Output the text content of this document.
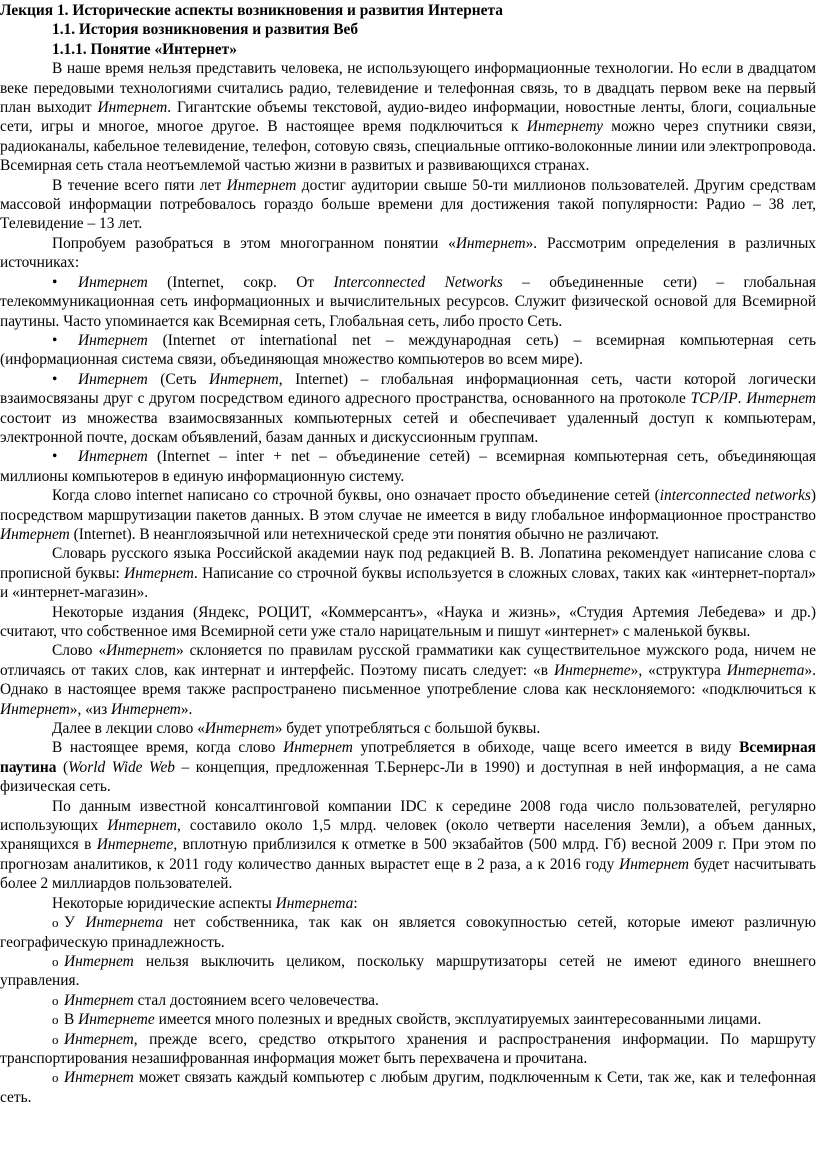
Лекция 1. Исторические аспекты возникновения и развития Интернета
1.1. История возникновения и развития Веб
1.1.1. Понятие «Интернет»

В наше время нельзя представить человека, не использующего информационные технологии. Но если в двадцатом веке передовыми технологиями считались радио, телевидение и телефонная связь, то в двадцать первом веке на первый план выходит Интернет. Гигантские объемы текстовой, аудио-видео информации, новостные ленты, блоги, социальные сети, игры и многое, многое другое. В настоящее время подключиться к Интернету можно через спутники связи, радиоканалы, кабельное телевидение, телефон, сотовую связь, специальные оптико-волоконные линии или электропровода. Всемирная сеть стала неотъемлемой частью жизни в развитых и развивающихся странах.

В течение всего пяти лет Интернет достиг аудитории свыше 50-ти миллионов пользователей. Другим средствам массовой информации потребовалось гораздо больше времени для достижения такой популярности: Радио – 38 лет, Телевидение – 13 лет.

Попробуем разобраться в этом многогранном понятии «Интернет». Рассмотрим определения в различных источниках:

• Интернет (Internet, сокр. От Interconnected Networks – объединенные сети) – глобальная телекоммуникационная сеть информационных и вычислительных ресурсов. Служит физической основой для Всемирной паутины. Часто упоминается как Всемирная сеть, Глобальная сеть, либо просто Сеть.
• Интернет (Internet от international net – международная сеть) – всемирная компьютерная сеть (информационная система связи, объединяющая множество компьютеров во всем мире).
• Интернет (Сеть Интернет, Internet) – глобальная информационная сеть, части которой логически взаимосвязаны друг с другом посредством единого адресного пространства, основанного на протоколе TCP/IP. Интернет состоит из множества взаимосвязанных компьютерных сетей и обеспечивает удаленный доступ к компьютерам, электронной почте, доскам объявлений, базам данных и дискуссионным группам.
• Интернет (Internet – inter + net – объединение сетей) – всемирная компьютерная сеть, объединяющая миллионы компьютеров в единую информационную систему.

Когда слово internet написано со строчной буквы, оно означает просто объединение сетей (interconnected networks) посредством маршрутизации пакетов данных. В этом случае не имеется в виду глобальное информационное пространство Интернет (Internet). В неанглоязычной или нетехнической среде эти понятия обычно не различают.

Словарь русского языка Российской академии наук под редакцией В. В. Лопатина рекомендует написание слова с прописной буквы: Интернет. Написание со строчной буквы используется в сложных словах, таких как «интернет-портал» и «интернет-магазин».

Некоторые издания (Яндекс, РОЦИТ, «Коммерсантъ», «Наука и жизнь», «Студия Артемия Лебедева» и др.) считают, что собственное имя Всемирной сети уже стало нарицательным и пишут «интернет» с маленькой буквы.

Слово «Интернет» склоняется по правилам русской грамматики как существительное мужского рода, ничем не отличаясь от таких слов, как интернат и интерфейс. Поэтому писать следует: «в Интернете», «структура Интернета». Однако в настоящее время также распространено письменное употребление слова как несклоняемого: «подключиться к Интернет», «из Интернет».

Далее в лекции слово «Интернет» будет употребляться с большой буквы.

В настоящее время, когда слово Интернет употребляется в обиходе, чаще всего имеется в виду Всемирная паутина (World Wide Web – концепция, предложенная Т.Бернерс-Ли в 1990) и доступная в ней информация, а не сама физическая сеть.

По данным известной консалтинговой компании IDC к середине 2008 года число пользователей, регулярно использующих Интернет, составило около 1,5 млрд. человек (около четверти населения Земли), а объем данных, хранящихся в Интернете, вплотную приблизился к отметке в 500 экзабайтов (500 млрд. Гб) весной 2009 г. При этом по прогнозам аналитиков, к 2011 году количество данных вырастет еще в 2 раза, а к 2016 году Интернет будет насчитывать более 2 миллиардов пользователей.

Некоторые юридические аспекты Интернета:

o У Интернета нет собственника, так как он является совокупностью сетей, которые имеют различную географическую принадлежность.
o Интернет нельзя выключить целиком, поскольку маршрутизаторы сетей не имеют единого внешнего управления.
o Интернет стал достоянием всего человечества.
o В Интернете имеется много полезных и вредных свойств, эксплуатируемых заинтересованными лицами.
o Интернет, прежде всего, средство открытого хранения и распространения информации. По маршруту транспортирования незашифрованная информация может быть перехвачена и прочитана.
o Интернет может связать каждый компьютер с любым другим, подключенным к Сети, так же, как и телефонная сеть.
